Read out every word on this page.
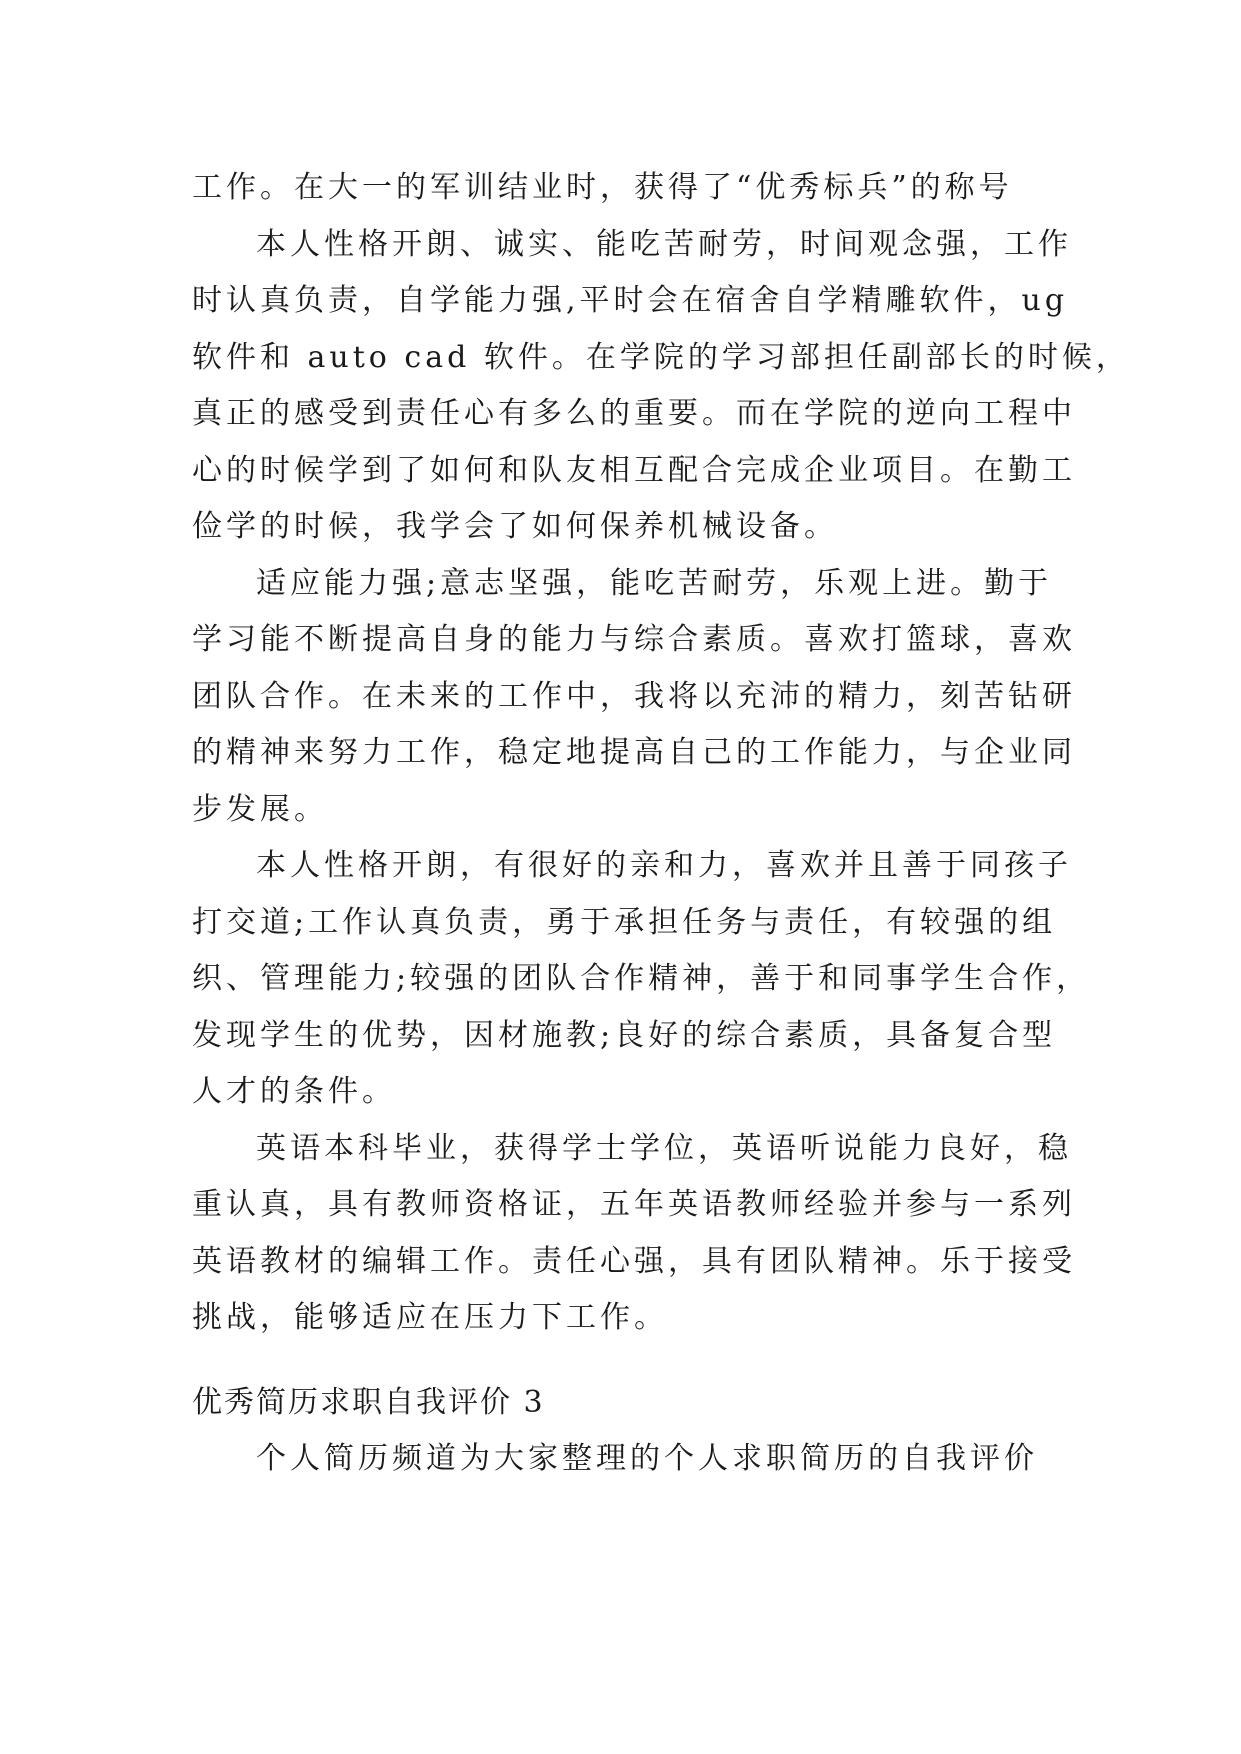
工作。在大一的军训结业时，获得了“优秀标兵”的称号
本人性格开朗、诚实、能吃苦耐劳，时间观念强，工作
时认真负责，自学能力强,平时会在宿舍自学精雕软件，ug
软件和 auto cad 软件。在学院的学习部担任副部长的时候，
真正的感受到责任心有多么的重要。而在学院的逆向工程中
心的时候学到了如何和队友相互配合完成企业项目。在勤工
俭学的时候，我学会了如何保养机械设备。
适应能力强;意志坚强，能吃苦耐劳，乐观上进。勤于
学习能不断提高自身的能力与综合素质。喜欢打篮球，喜欢
团队合作。在未来的工作中，我将以充沛的精力，刻苦钻研
的精神来努力工作，稳定地提高自己的工作能力，与企业同
步发展。
本人性格开朗，有很好的亲和力，喜欢并且善于同孩子
打交道;工作认真负责，勇于承担任务与责任，有较强的组
织、管理能力;较强的团队合作精神，善于和同事学生合作，
发现学生的优势，因材施教;良好的综合素质，具备复合型
人才的条件。
英语本科毕业，获得学士学位，英语听说能力良好，稳
重认真，具有教师资格证，五年英语教师经验并参与一系列
英语教材的编辑工作。责任心强，具有团队精神。乐于接受
挑战，能够适应在压力下工作。
优秀简历求职自我评价 3
个人简历频道为大家整理的个人求职简历的自我评价
